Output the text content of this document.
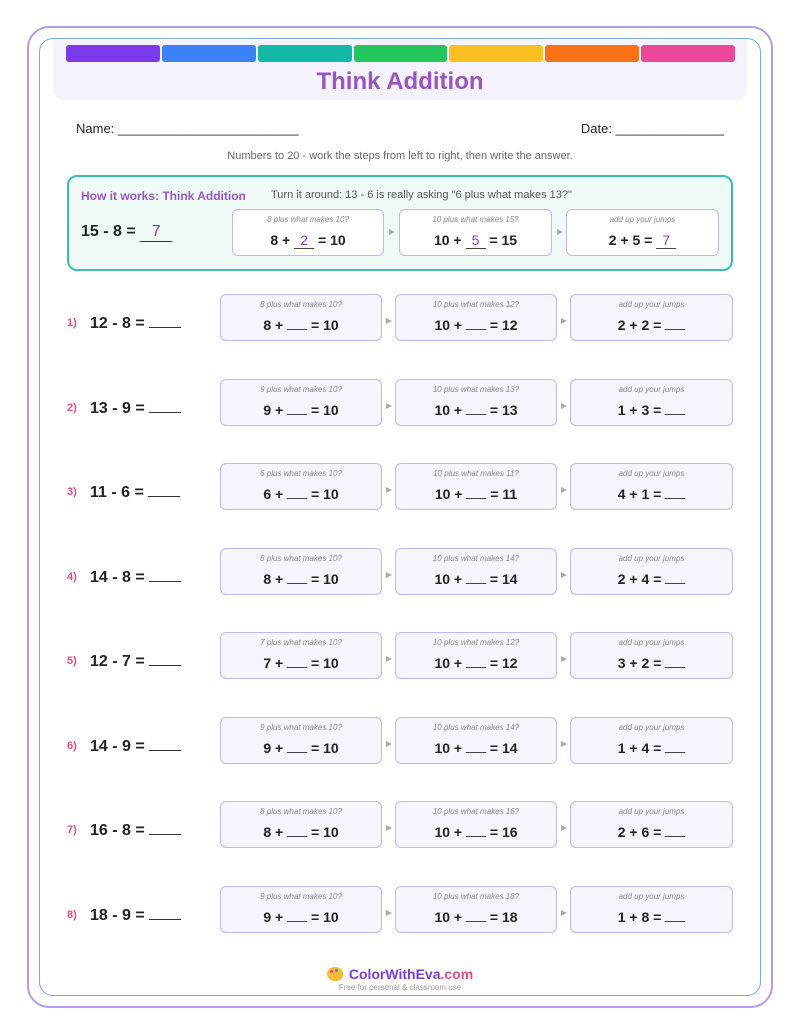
Think Addition
Name: _________________________	Date: _______________
Numbers to 20 - work the steps from left to right, then write the answer.
How it works: Think Addition Turn it around: 13 - 6 is really asking "6 plus what makes 13?"
15 - 8 = 7
8 plus what makes 10?
8 + 2 = 10
10 plus what makes 15?
10 + 5 = 15
add up your jumps
2 + 5 = 7
1) 12 - 8 =
8 plus what makes 10?
8 + = 10
10 plus what makes 12?
10 + = 12
add up your jumps
2 + 2 =
2) 13 - 9 =
9 plus what makes 10?
9 + = 10
10 plus what makes 13?
10 + = 13
add up your jumps
1 + 3 =
3) 11 - 6 =
6 plus what makes 10?
6 + = 10
10 plus what makes 11?
10 + = 11
add up your jumps
4 + 1 =
4) 14 - 8 =
8 plus what makes 10?
8 + = 10
10 plus what makes 14?
10 + = 14
add up your jumps
2 + 4 =
5) 12 - 7 =
7 plus what makes 10?
7 + = 10
10 plus what makes 12?
10 + = 12
add up your jumps
3 + 2 =
6) 14 - 9 =
9 plus what makes 10?
9 + = 10
10 plus what makes 14?
10 + = 14
add up your jumps
1 + 4 =
7) 16 - 8 =
8 plus what makes 10?
8 + = 10
10 plus what makes 16?
10 + = 16
add up your jumps
2 + 6 =
8) 18 - 9 =
9 plus what makes 10?
9 + = 10
10 plus what makes 18?
10 + = 18
add up your jumps
1 + 8 =
ColorWithEva.com
Free for personal & classroom use
